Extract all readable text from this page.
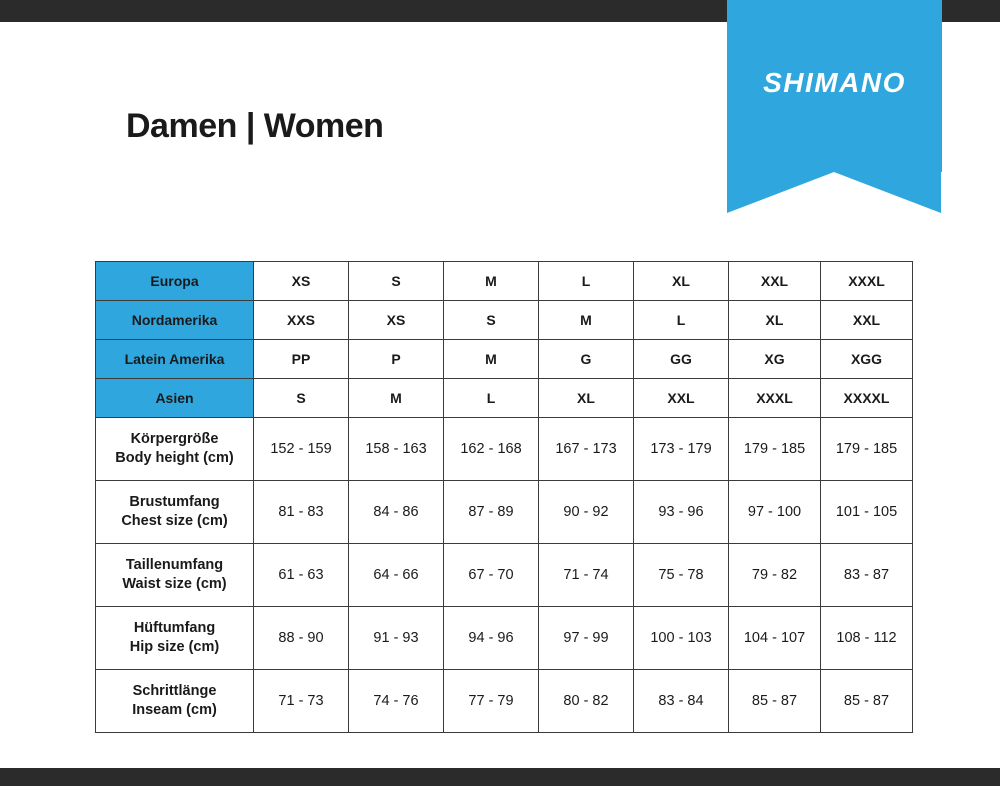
Größentabelle l Size Chart
Damen | Women
SHIMANO
Europa	XS	S	M	L	XL	XXL	XXXL
Nordamerika	XXS	XS	S	M	L	XL	XXL
Latein Amerika	PP	P	M	G	GG	XG	XGG
Asien	S	M	L	XL	XXL	XXXL	XXXXL

Körpergröße
Body height (cm)	152 - 159	158 - 163	162 - 168	167 - 173	173 - 179	179 - 185	179 - 185

Brustumfang
Chest size (cm)	81 - 83	84 - 86	87 - 89	90 - 92	93 - 96	97 - 100	101 - 105

Taillenumfang
Waist size (cm)	61 - 63	64 - 66	67 - 70	71 - 74	75 - 78	79 - 82	83 - 87

Hüftumfang
Hip size (cm)	88 - 90	91 - 93	94 - 96	97 - 99	100 - 103	104 - 107	108 - 112

Schrittlänge
Inseam (cm)	71 - 73	74 - 76	77 - 79	80 - 82	83 - 84	85 - 87	85 - 87
